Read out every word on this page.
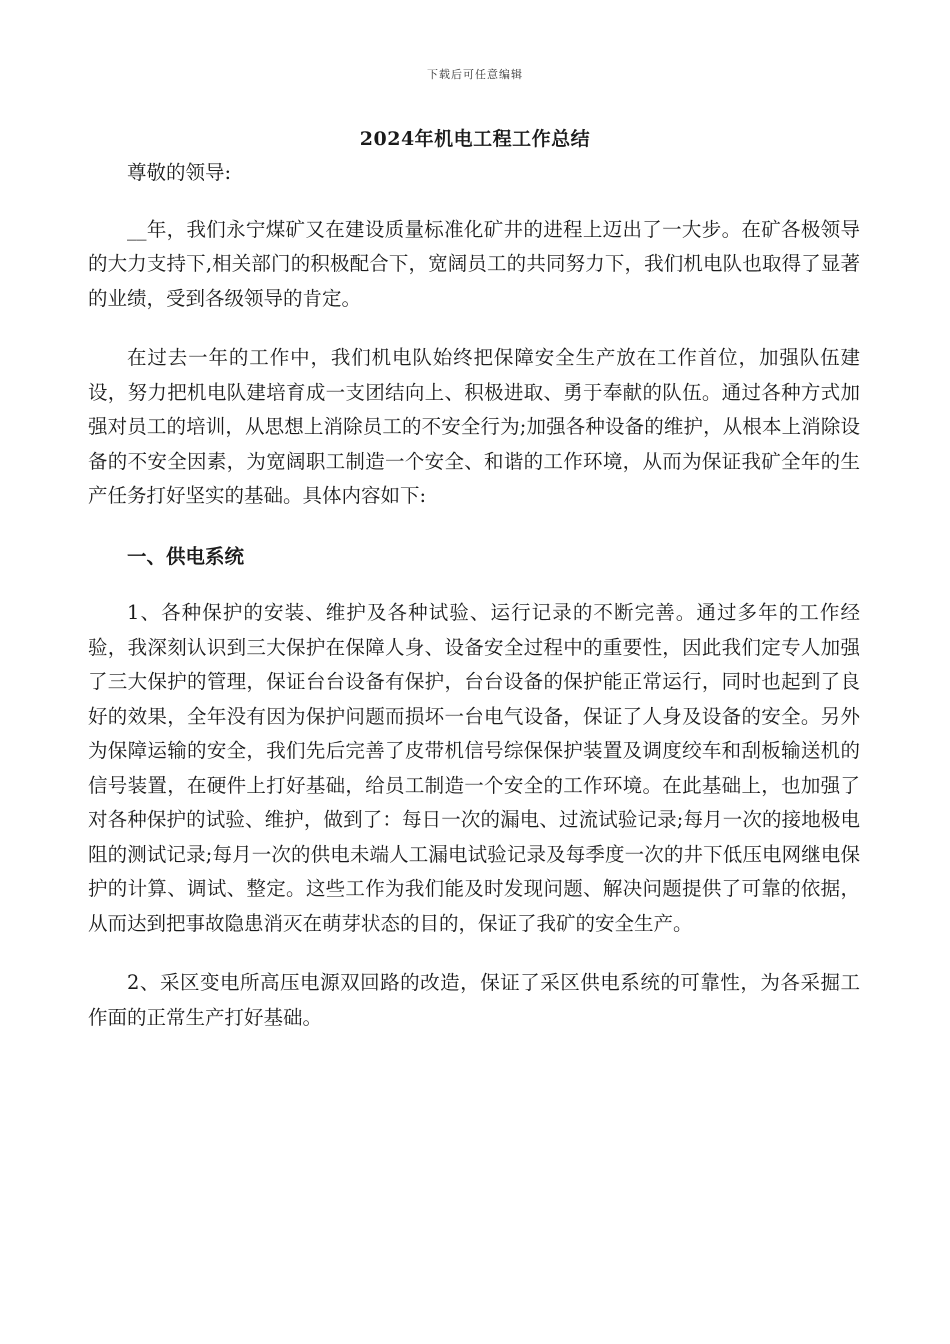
下载后可任意编辑
2024年机电工程工作总结

尊敬的领导:

__年，我们永宁煤矿又在建设质量标准化矿井的进程上迈出了一大步。在矿各极领导的大力支持下,相关部门的积极配合下，宽阔员工的共同努力下，我们机电队也取得了显著的业绩，受到各级领导的肯定。

在过去一年的工作中，我们机电队始终把保障安全生产放在工作首位，加强队伍建设，努力把机电队建培育成一支团结向上、积极进取、勇于奉献的队伍。通过各种方式加强对员工的培训，从思想上消除员工的不安全行为;加强各种设备的维护，从根本上消除设备的不安全因素，为宽阔职工制造一个安全、和谐的工作环境，从而为保证我矿全年的生产任务打好坚实的基础。具体内容如下:

一、供电系统

1、各种保护的安装、维护及各种试验、运行记录的不断完善。通过多年的工作经验，我深刻认识到三大保护在保障人身、设备安全过程中的重要性，因此我们定专人加强了三大保护的管理，保证台台设备有保护，台台设备的保护能正常运行，同时也起到了良好的效果，全年没有因为保护问题而损坏一台电气设备，保证了人身及设备的安全。另外为保障运输的安全，我们先后完善了皮带机信号综保保护装置及调度绞车和刮板输送机的信号装置，在硬件上打好基础，给员工制造一个安全的工作环境。在此基础上，也加强了对各种保护的试验、维护，做到了：每日一次的漏电、过流试验记录;每月一次的接地极电阻的测试记录;每月一次的供电未端人工漏电试验记录及每季度一次的井下低压电网继电保护的计算、调试、整定。这些工作为我们能及时发现问题、解决问题提供了可靠的依据，从而达到把事故隐患消灭在萌芽状态的目的，保证了我矿的安全生产。

2、采区变电所高压电源双回路的改造，保证了采区供电系统的可靠性，为各采掘工作面的正常生产打好基础。
